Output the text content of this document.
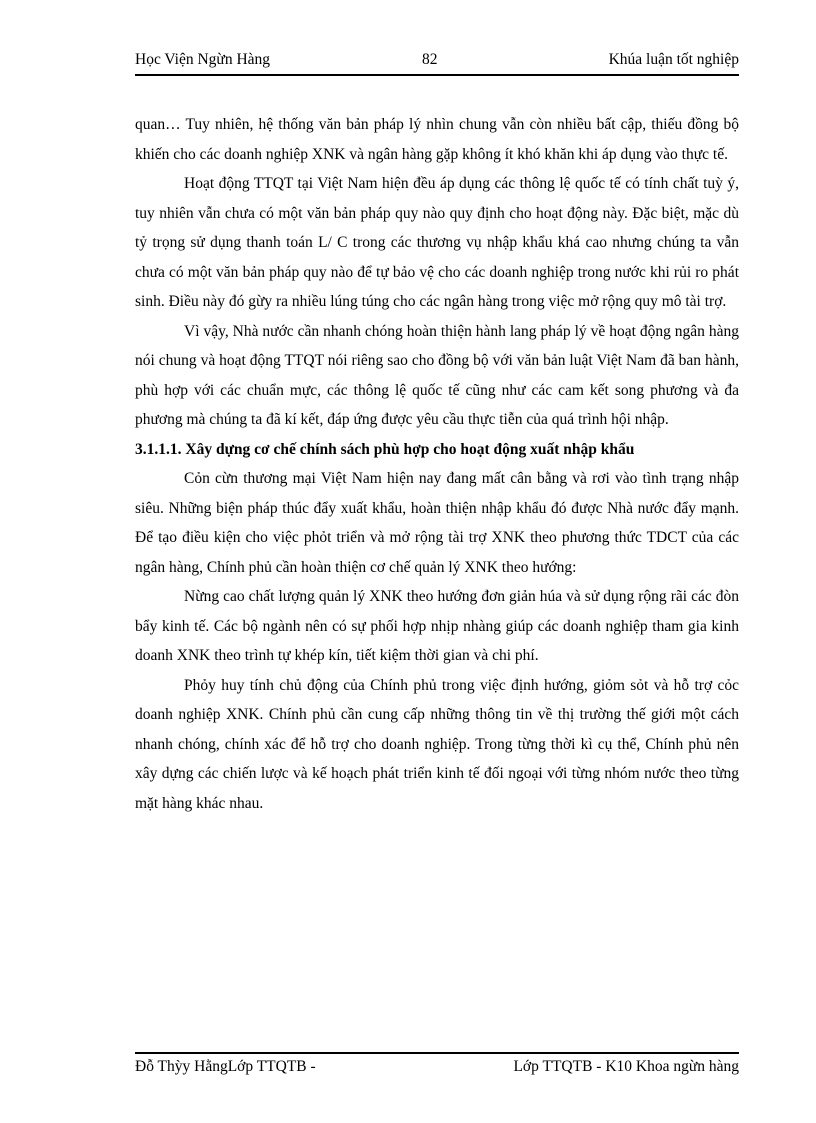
Học Viện Ngừn Hàng	82	Khúa luận tốt nghiệp

quan… Tuy nhiên, hệ thống văn bản pháp lý nhìn chung vẫn còn nhiều bất cập, thiếu đồng bộ khiến cho các doanh nghiệp XNK và ngân hàng gặp không ít khó khăn khi áp dụng vào thực tế.

Hoạt động TTQT tại Việt Nam hiện đều áp dụng các thông lệ quốc tế có tính chất tuỳ ý, tuy nhiên vẫn chưa có một văn bản pháp quy nào quy định cho hoạt động này. Đặc biệt, mặc dù tỷ trọng sử dụng thanh toán L/ C trong các thương vụ nhập khẩu khá cao nhưng chúng ta vẫn chưa có một văn bản pháp quy nào để tự bảo vệ cho các doanh nghiệp trong nước khi rủi ro phát sinh. Điều này đó gừy ra nhiều lúng túng cho các ngân hàng trong việc mở rộng quy mô tài trợ.

Vì vậy, Nhà nước cần nhanh chóng hoàn thiện hành lang pháp lý về hoạt động ngân hàng nói chung và hoạt động TTQT nói riêng sao cho đồng bộ với văn bản luật Việt Nam đã ban hành, phù hợp với các chuẩn mực, các thông lệ quốc tế cũng như các cam kết song phương và đa phương mà chúng ta đã kí kết, đáp ứng được yêu cầu thực tiễn của quá trình hội nhập.

3.1.1.1. Xây dựng cơ chế chính sách phù hợp cho hoạt động xuất nhập khẩu

Cỏn cừn thương mại Việt Nam hiện nay đang mất cân bằng và rơi vào tình trạng nhập siêu. Những biện pháp thúc đẩy xuất khẩu, hoàn thiện nhập khẩu đó được Nhà nước đẩy mạnh. Để tạo điều kiện cho việc phỏt triển và mở rộng tài trợ XNK theo phương thức TDCT của các ngân hàng, Chính phủ cần hoàn thiện cơ chế quản lý XNK theo hướng:

Nừng cao chất lượng quản lý XNK theo hướng đơn giản húa và sử dụng rộng rãi các đòn bẩy kinh tế. Các bộ ngành nên có sự phối hợp nhịp nhàng giúp các doanh nghiệp tham gia kinh doanh XNK theo trình tự khép kín, tiết kiệm thời gian và chi phí.

Phỏy huy tính chủ động của Chính phủ trong việc định hướng, giỏm sỏt và hỗ trợ cỏc doanh nghiệp XNK. Chính phủ cần cung cấp những thông tin về thị trường thế giới một cách nhanh chóng, chính xác để hỗ trợ cho doanh nghiệp. Trong từng thời kì cụ thể, Chính phủ nên xây dựng các chiến lược và kế hoạch phát triển kinh tế đối ngoại với từng nhóm nước theo từng mặt hàng khác nhau.

Đỗ Thỳy HằngLớp TTQTB -	Lớp TTQTB - K10 Khoa ngừn hàng
